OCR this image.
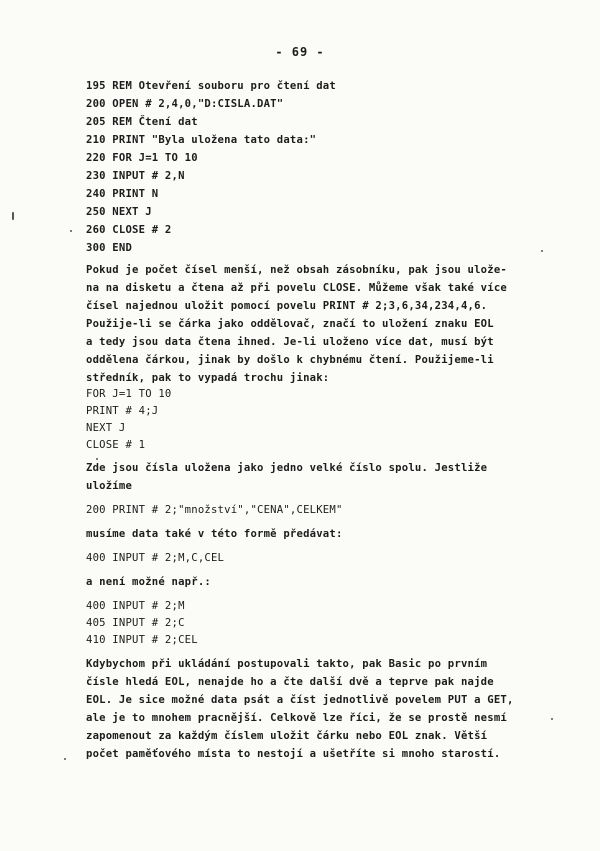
- 69 -
195 REM Otevření souboru pro čtení dat
200 OPEN # 2,4,0,"D:CISLA.DAT"
205 REM Čtení dat
210 PRINT "Byla uložena tato data:"
220 FOR J=1 TO 10
230 INPUT # 2,N
240 PRINT N
250 NEXT J
260 CLOSE # 2
300 END
Pokud je počet čísel menší, než obsah zásobníku, pak jsou ulože-
na na disketu a čtena až při povelu CLOSE. Můžeme však také více
čísel najednou uložit pomocí povelu PRINT # 2;3,6,34,234,4,6.
Použije-li se čárka jako oddělovač, značí to uložení znaku EOL
a tedy jsou data čtena ihned. Je-li uloženo více dat, musí být
oddělena čárkou, jinak by došlo k chybnému čtení. Použijeme-li
středník, pak to vypadá trochu jinak:
FOR J=1 TO 10
PRINT # 4;J
NEXT J
CLOSE # 1
Zde jsou čísla uložena jako jedno velké číslo spolu. Jestliže
uložíme
200 PRINT # 2;"množství","CENA",CELKEM"
musíme data také v této formě předávat:
400 INPUT # 2;M,C,CEL
a není možné např.:
400 INPUT # 2;M
405 INPUT # 2;C
410 INPUT # 2;CEL
Kdybychom při ukládání postupovali takto, pak Basic po prvním
čísle hledá EOL, nenajde ho a čte další dvě a teprve pak najde
EOL. Je sice možné data psát a číst jednotlivě povelem PUT a GET,
ale je to mnohem pracnější. Celkově lze říci, že se prostě nesmí
zapomenout za každým číslem uložit čárku nebo EOL znak. Větší
počet paměťového místa to nestojí a ušetříte si mnoho starostí.
